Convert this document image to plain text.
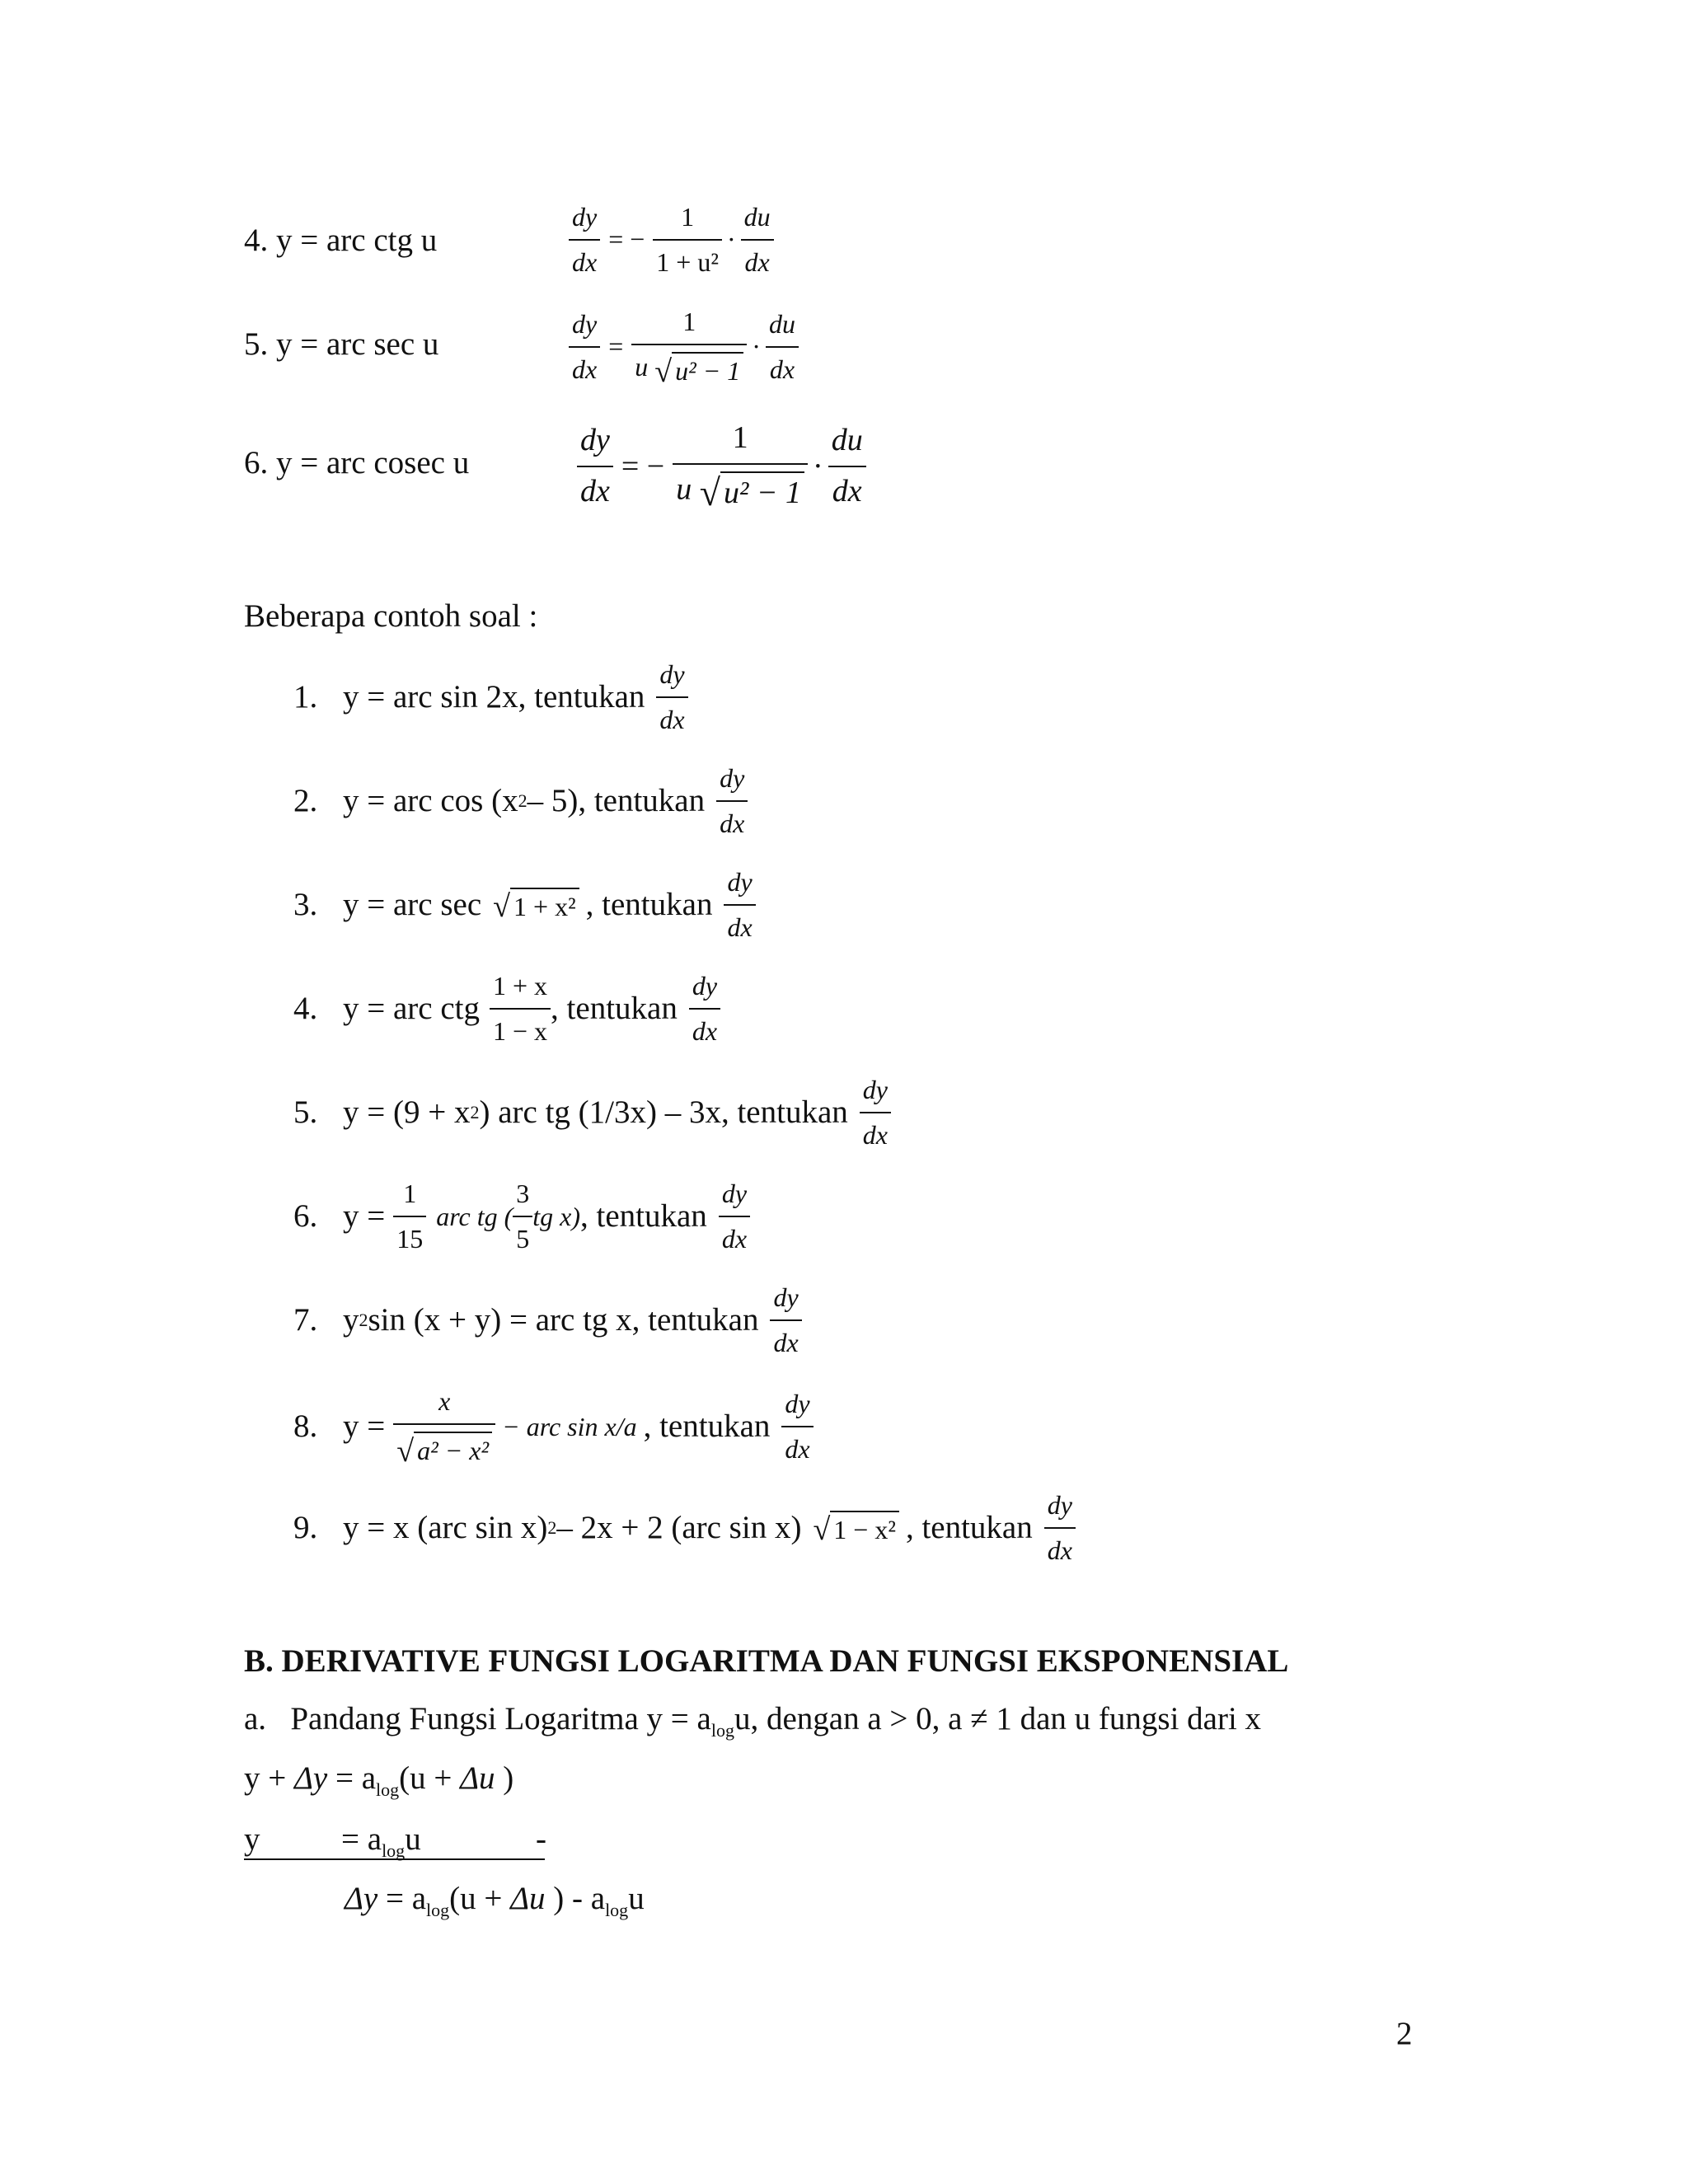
4. y = arc ctg u
dy
dx
= −
1
1 + u²
·
du
dx
5. y = arc sec u
dy
dx
=
1
u √ u² − 1
·
du
dx
6. y = arc cosec u
dy
dx
= −
1
u √ u² − 1
·
du
dx
Beberapa contoh soal :
1. y = arc sin 2x, tentukan
dy
dx
2. y = arc cos (x 2 – 5), tentukan
dy
dx
3. y = arc sec √ 1 + x² , tentukan
dy
dx
4. y = arc ctg
1 + x
1 − x
, tentukan
dy
dx
5. y = (9 + x 2 ) arc tg (1/3x) – 3x, tentukan
dy
dx
6. y =
1
15
arc tg (
3
5
tg x) , tentukan
dy
dx
7. y 2 sin (x + y) = arc tg x, tentukan
dy
dx
8. y =
x
√ a² − x²
− arc sin x/a , tentukan
dy
dx
9. y = x (arc sin x) 2 – 2x + 2 (arc sin x) √ 1 − x² , tentukan
dy
dx
B. DERIVATIVE FUNGSI LOGARITMA DAN FUNGSI EKSPONENSIAL
a. Pandang Fungsi Logaritma $y = a_{log}u$, dengan a > 0, a ≠ 1 dan u fungsi dari x
$y + \Delta y = a_{log}(u + \Delta u$ )
y	= $a_{log}u$	-
$\Delta y = a_{log}(u + \Delta u$ ) - $a_{log}u$
2
